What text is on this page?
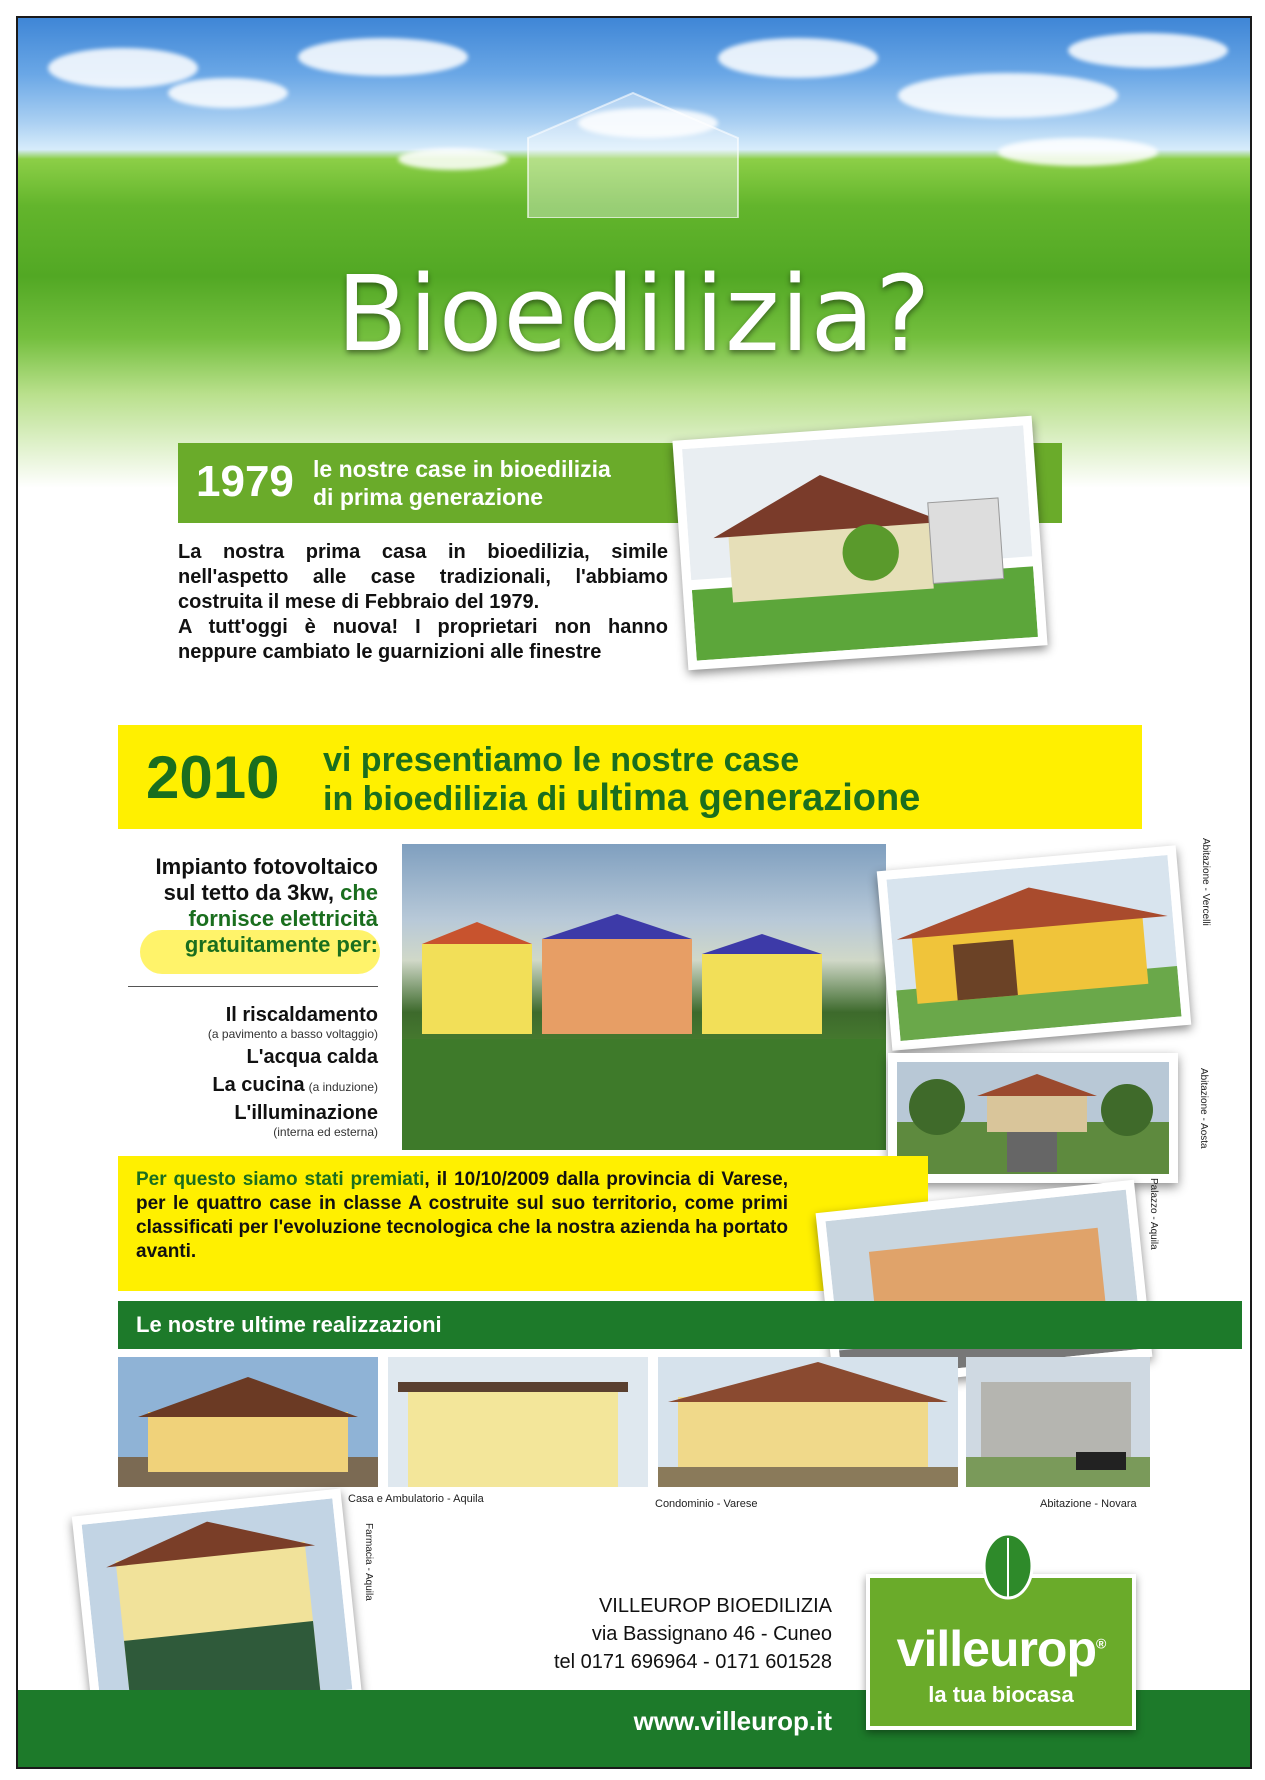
Bioedilizia?
1979 le nostre case in bioedilizia
di prima generazione
La nostra prima casa in bioedilizia, simile nell'aspetto alle case tradizionali, l'abbiamo costruita il mese di Febbraio del 1979.
A tutt'oggi è nuova! I proprietari non hanno neppure cambiato le guarnizioni alle finestre
2010 vi presentiamo le nostre case
in bioedilizia di ultima generazione
Impianto fotovoltaico
sul tetto da 3kw, che
fornisce elettricità
gratuitamente per:
Il riscaldamento
(a pavimento a basso voltaggio)
L'acqua calda
La cucina (a induzione)
L'illuminazione
(interna ed esterna)
Abitazione - Vercelli
Abitazione - Aosta
Per questo siamo stati premiati, il 10/10/2009 dalla provincia di Varese, per le quattro case in classe A costruite sul suo territorio, come primi classificati per l'evoluzione tecnologica che la nostra azienda ha portato avanti.
Palazzo - Aquila
Le nostre ultime realizzazioni
Casa e Ambulatorio - Aquila	Condominio - Varese	Abitazione - Novara
Farmacia - Aquila
VILLEUROP BIOEDILIZIA
via Bassignano 46 - Cuneo
tel 0171 696964 - 0171 601528
www.villeurop.it
villeurop®
la tua biocasa
